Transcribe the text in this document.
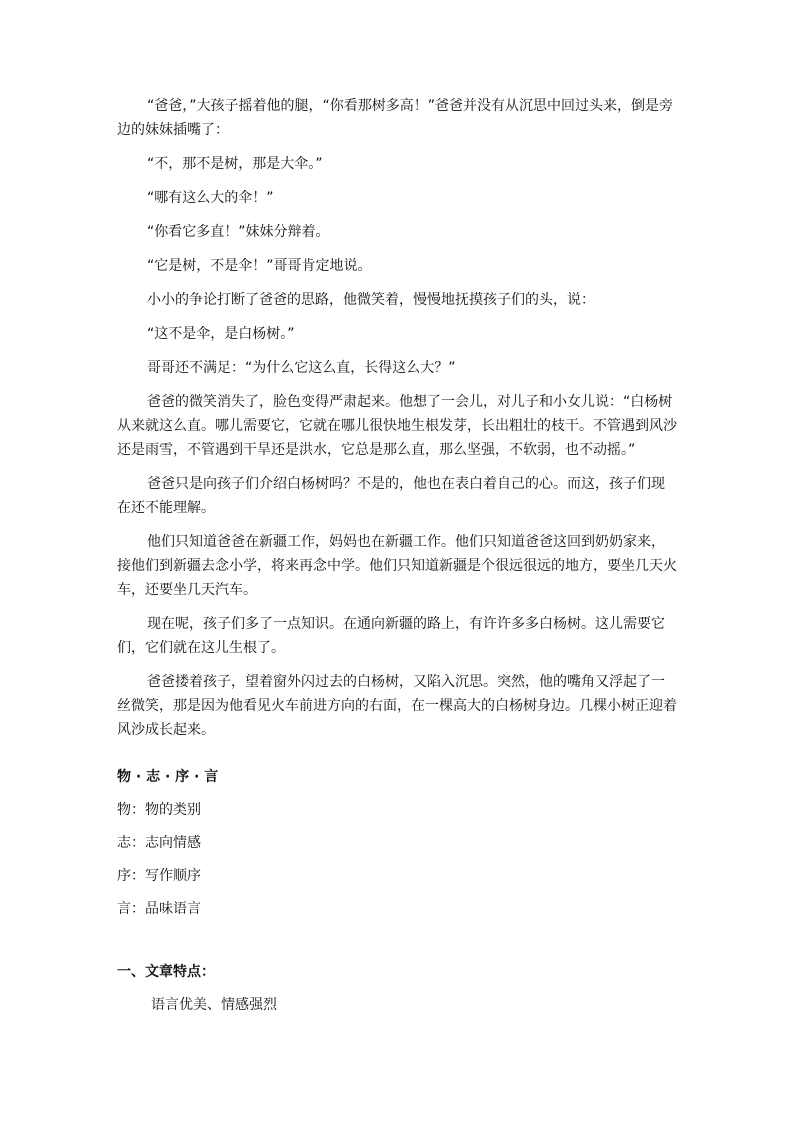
“爸爸，”大孩子摇着他的腿，“你看那树多高！”爸爸并没有从沉思中回过头来，倒是旁边的妹妹插嘴了：

“不，那不是树，那是大伞。”

“哪有这么大的伞！”

“你看它多直！”妹妹分辩着。

“它是树，不是伞！”哥哥肯定地说。

小小的争论打断了爸爸的思路，他微笑着，慢慢地抚摸孩子们的头，说：

“这不是伞，是白杨树。”

哥哥还不满足：“为什么它这么直，长得这么大？”

爸爸的微笑消失了，脸色变得严肃起来。他想了一会儿，对儿子和小女儿说：“白杨树从来就这么直。哪儿需要它，它就在哪儿很快地生根发芽，长出粗壮的枝干。不管遇到风沙还是雨雪，不管遇到干旱还是洪水，它总是那么直，那么坚强，不软弱，也不动摇。”

爸爸只是向孩子们介绍白杨树吗？不是的，他也在表白着自己的心。而这，孩子们现在还不能理解。

他们只知道爸爸在新疆工作，妈妈也在新疆工作。他们只知道爸爸这回到奶奶家来，接他们到新疆去念小学，将来再念中学。他们只知道新疆是个很远很远的地方，要坐几天火车，还要坐几天汽车。

现在呢，孩子们多了一点知识。在通向新疆的路上，有许许多多白杨树。这儿需要它们，它们就在这儿生根了。

爸爸搂着孩子，望着窗外闪过去的白杨树，又陷入沉思。突然，他的嘴角又浮起了一丝微笑，那是因为他看见火车前进方向的右面，在一棵高大的白杨树身边。几棵小树正迎着风沙成长起来。

物 · 志 · 序 · 言
物：物的类别
志：志向情感
序：写作顺序
言：品味语言
一、文章特点：
语言优美、情感强烈
